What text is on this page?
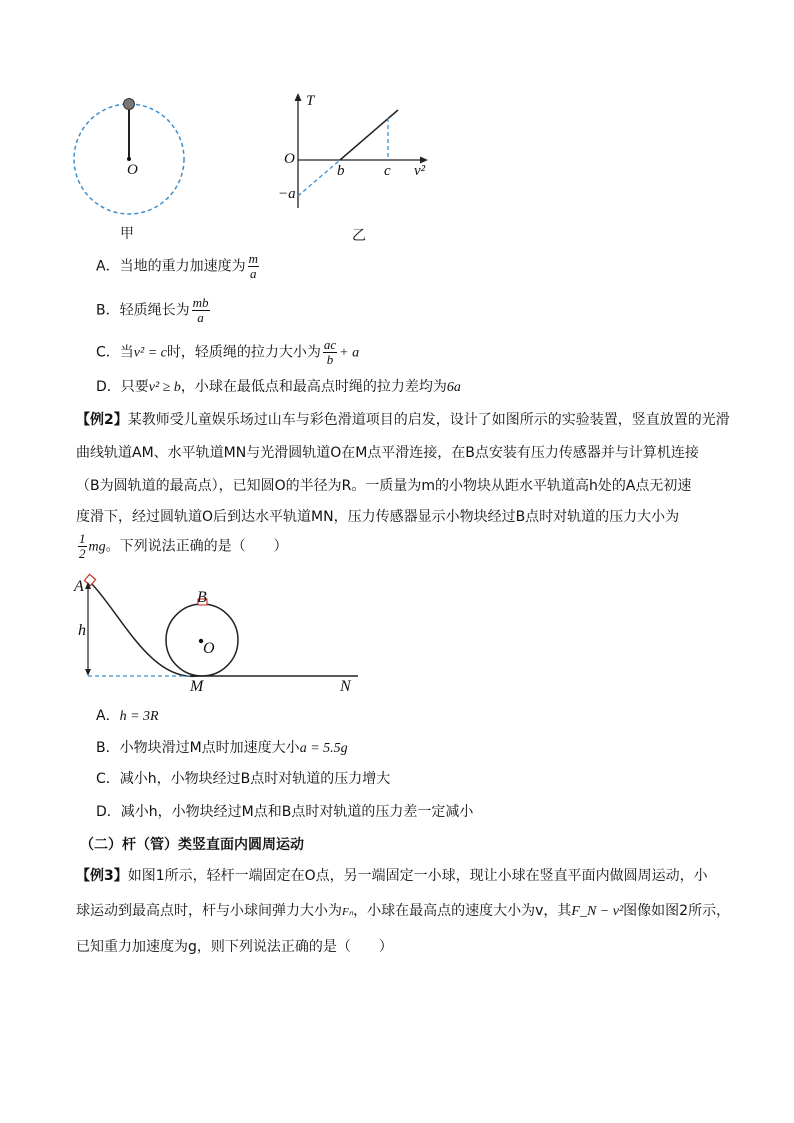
O
甲
T
O
b	c v²
−a
乙
A．当地的重力加速度为 $\frac{m}{a}$
B．轻质绳长为 $\frac{mb}{a}$
C．当v² = c时，轻质绳的拉力大小为 $\frac{ac}{b} + a$
D．只要v² ≥ b，小球在最低点和最高点时绳的拉力差均为6a
【例2】某教师受儿童娱乐场过山车与彩色滑道项目的启发，设计了如图所示的实验装置，竖直放置的光滑
曲线轨道AM、水平轨道MN与光滑圆轨道O在M点平滑连接，在B点安装有压力传感器并与计算机连接
（B为圆轨道的最高点），已知圆O的半径为R。一质量为m的小物块从距水平轨道高h处的A点无初速
度滑下，经过圆轨道O后到达水平轨道MN，压力传感器显示小物块经过B点时对轨道的压力大小为
$\frac{1}{2}$ mg。下列说法正确的是（　　）
A
h
B
O
M	N
A．h = 3R
B．小物块滑过M点时加速度大小a = 5.5g
C．减小h，小物块经过B点时对轨道的压力增大
D．减小h，小物块经过M点和B点时对轨道的压力差一定减小
（二）杆（管）类竖直面内圆周运动
【例3】如图1所示，轻杆一端固定在O点，另一端固定一小球，现让小球在竖直平面内做圆周运动，小
球运动到最高点时，杆与小球间弹力大小为Fₙ，小球在最高点的速度大小为v，其F_N − v²图像如图2所示，
已知重力加速度为g，则下列说法正确的是（　　）
